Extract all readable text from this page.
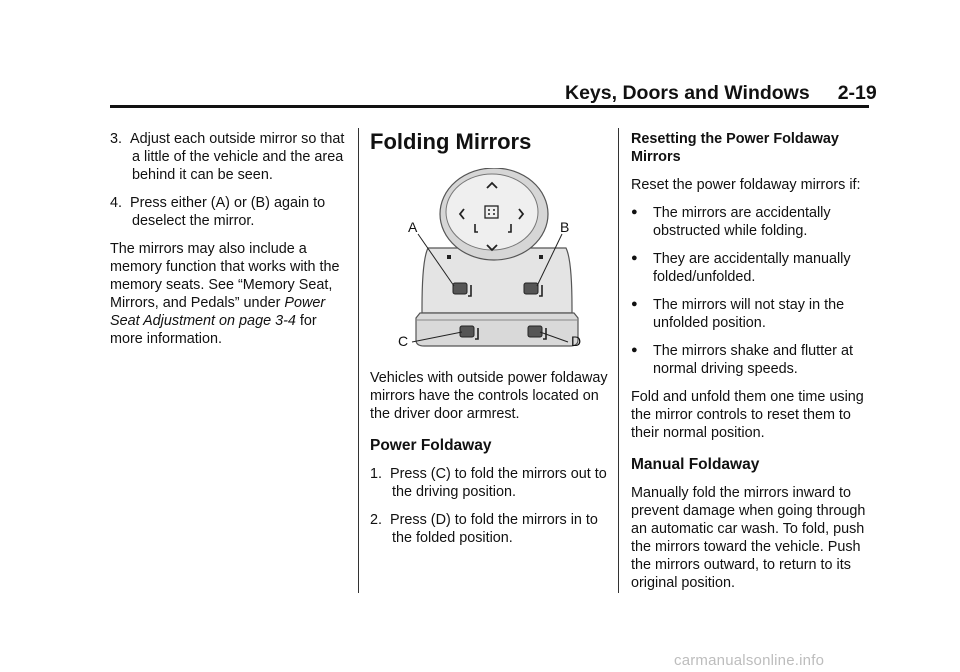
Keys, Doors and Windows 2-19
3. Adjust each outside mirror so that a little of the vehicle and the area behind it can be seen.
4. Press either (A) or (B) again to deselect the mirror.

The mirrors may also include a memory function that works with the memory seats. See “Memory Seat, Mirrors, and Pedals” under Power Seat Adjustment on page 3-4 for more information.

Folding Mirrors
A	B
C	D

Vehicles with outside power foldaway mirrors have the controls located on the driver door armrest.

Power Foldaway
1. Press (C) to fold the mirrors out to the driving position.
2. Press (D) to fold the mirrors in to the folded position.
Resetting the Power Foldaway Mirrors

Reset the power foldaway mirrors if:

● The mirrors are accidentally obstructed while folding.
● They are accidentally manually folded/unfolded.
● The mirrors will not stay in the unfolded position.
● The mirrors shake and flutter at normal driving speeds.

Fold and unfold them one time using the mirror controls to reset them to their normal position.

Manual Foldaway

Manually fold the mirrors inward to prevent damage when going through an automatic car wash. To fold, push the mirrors toward the vehicle. Push the mirrors outward, to return to its original position.

carmanualsonline.info
